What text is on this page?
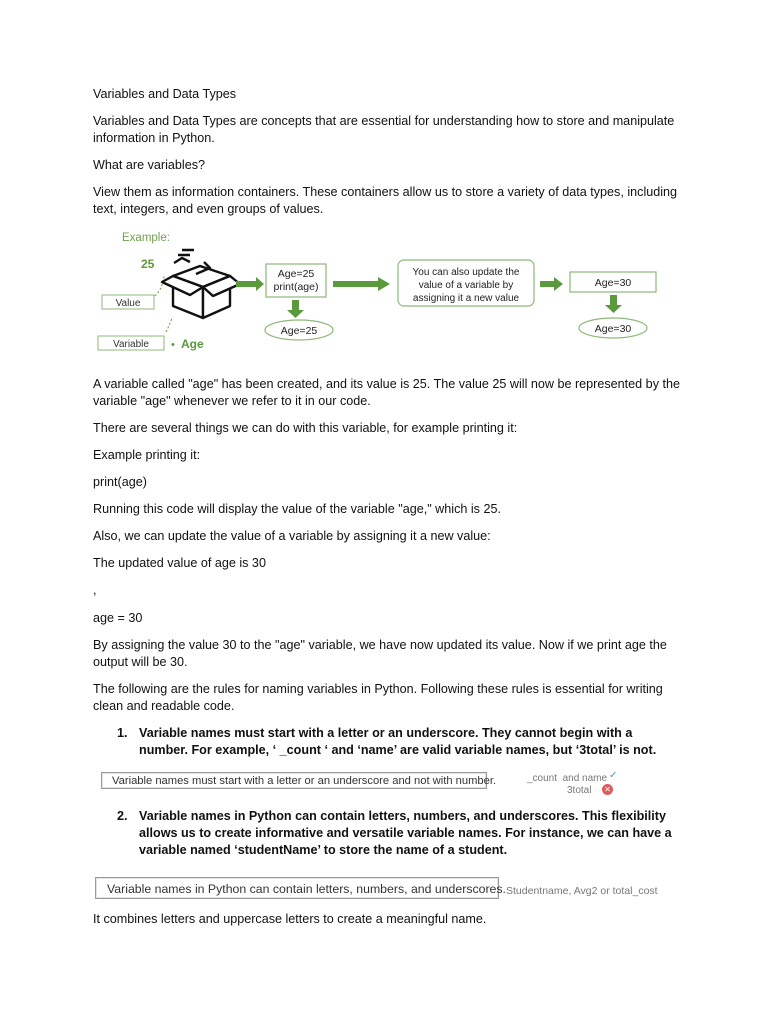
Variables and Data Types

Variables and Data Types are concepts that are essential for understanding how to store and manipulate information in Python.

What are variables?

View them as information containers. These containers allow us to store a variety of data types, including text, integers, and even groups of values.

Example:
25
Value
Variable • Age
Age=25
print(age)
Age=25
You can also update the
value of a variable by
assigning it a new value
Age=30
Age=30

A variable called "age" has been created, and its value is 25. The value 25 will now be represented by the variable "age" whenever we refer to it in our code.

There are several things we can do with this variable, for example printing it:

Example printing it:

print(age)

Running this code will display the value of the variable "age," which is 25.

Also, we can update the value of a variable by assigning it a new value:

The updated value of age is 30

,

age = 30

By assigning the value 30 to the "age" variable, we have now updated its value. Now if we print age the output will be 30.

The following are the rules for naming variables in Python. Following these rules is essential for writing clean and readable code.

1. Variable names must start with a letter or an underscore. They cannot begin with a number. For example, ‘ _count ‘ and ‘name’ are valid variable names, but ‘3total’ is not.
Variable names must start with a letter or an underscore and not with number.	_count  and name ✓
3total ✕
2. Variable names in Python can contain letters, numbers, and underscores. This flexibility allows us to create informative and versatile variable names. For instance, we can have a variable named ‘studentName’ to store the name of a student.
Variable names in Python can contain letters, numbers, and underscores. Studentname, Avg2 or total_cost

It combines letters and uppercase letters to create a meaningful name.
